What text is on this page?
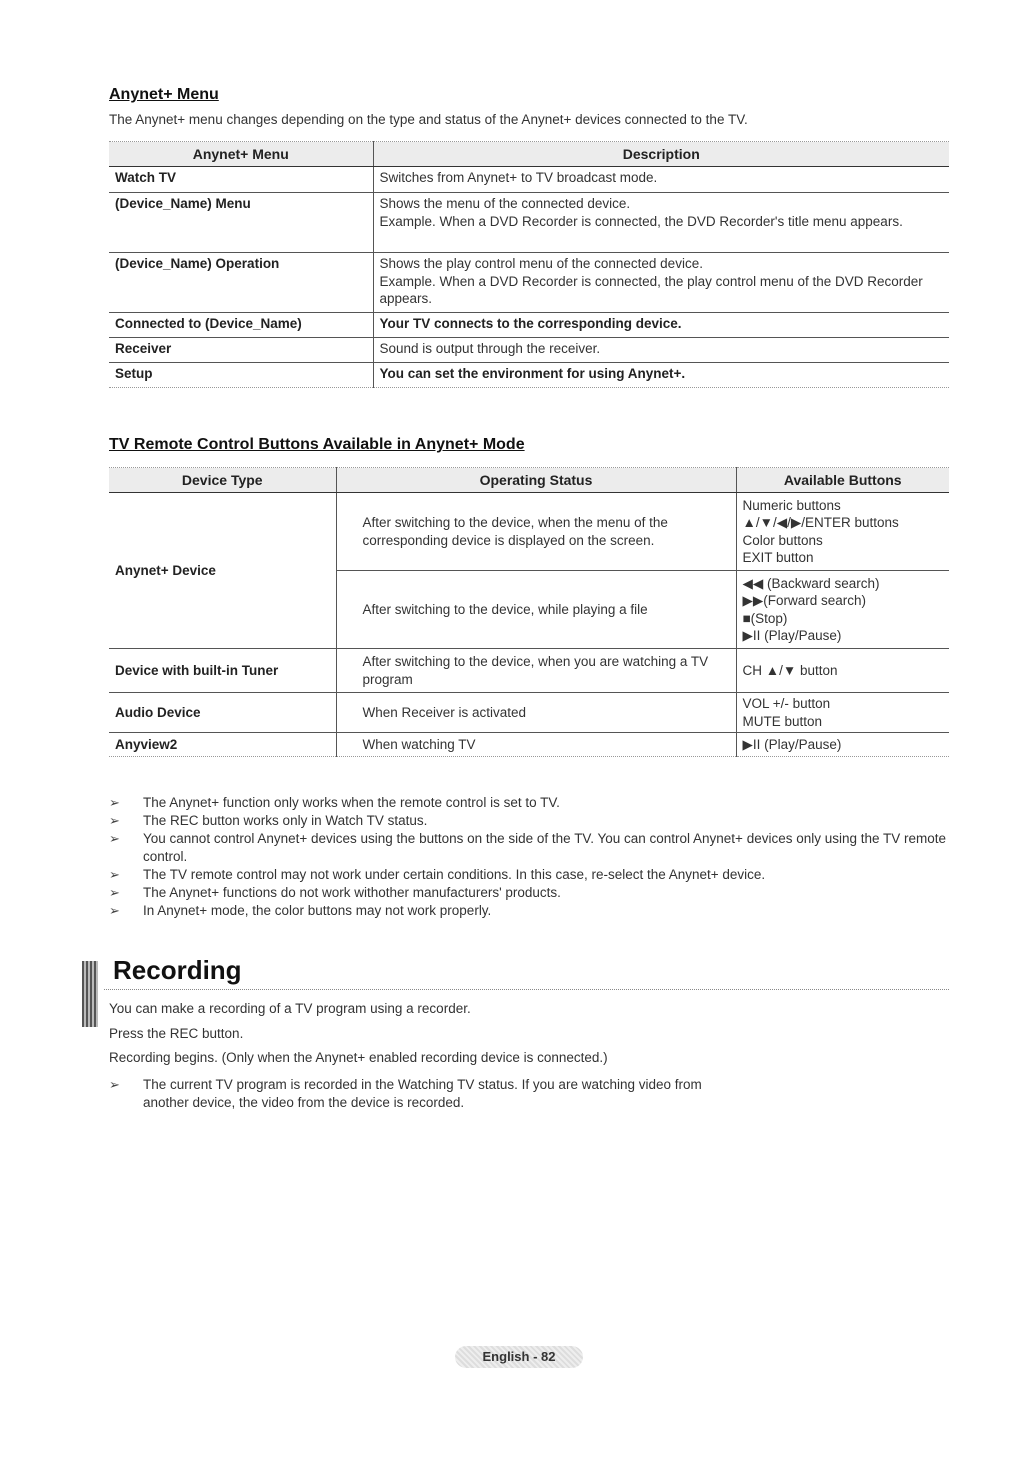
Anynet+ Menu
The Anynet+ menu changes depending on the type and status of the Anynet+ devices connected to the TV.
Anynet+ Menu	Description
Watch TV	Switches from Anynet+ to TV broadcast mode.
(Device_Name) Menu	Shows the menu of the connected device.
Example. When a DVD Recorder is connected, the DVD Recorder's title menu appears.
(Device_Name) Operation	Shows the play control menu of the connected device.
Example. When a DVD Recorder is connected, the play control menu of the DVD Recorder appears.
Connected to (Device_Name)	Your TV connects to the corresponding device.
Receiver	Sound is output through the receiver.
Setup	You can set the environment for using Anynet+.
TV Remote Control Buttons Available in Anynet+ Mode
Device Type	Operating Status	Available Buttons
Anynet+ Device	After switching to the device, when the menu of the corresponding device is displayed on the screen.	Numeric buttons
▲/▼/◀/▶/ENTER buttons
Color buttons
EXIT button
	After switching to the device, while playing a file	◀◀ (Backward search)
▶▶(Forward search)
■(Stop)
▶II (Play/Pause)
Device with built-in Tuner	After switching to the device, when you are watching a TV program	CH ▲/▼ button
Audio Device	When Receiver is activated	VOL +/- button
MUTE button
Anyview2	When watching TV	▶II (Play/Pause)
➢	The Anynet+ function only works when the remote control is set to TV.
➢	The REC button works only in Watch TV status.
➢	You cannot control Anynet+ devices using the buttons on the side of the TV. You can control Anynet+ devices only using the TV remote control.
➢	The TV remote control may not work under certain conditions. In this case, re-select the Anynet+ device.
➢	The Anynet+ functions do not work withother manufacturers' products.
➢	In Anynet+ mode, the color buttons may not work properly.
Recording
You can make a recording of a TV program using a recorder.
Press the REC button.
Recording begins. (Only when the Anynet+ enabled recording device is connected.)
➢	The current TV program is recorded in the Watching TV status. If you are watching video from another device, the video from the device is recorded.
English - 82
